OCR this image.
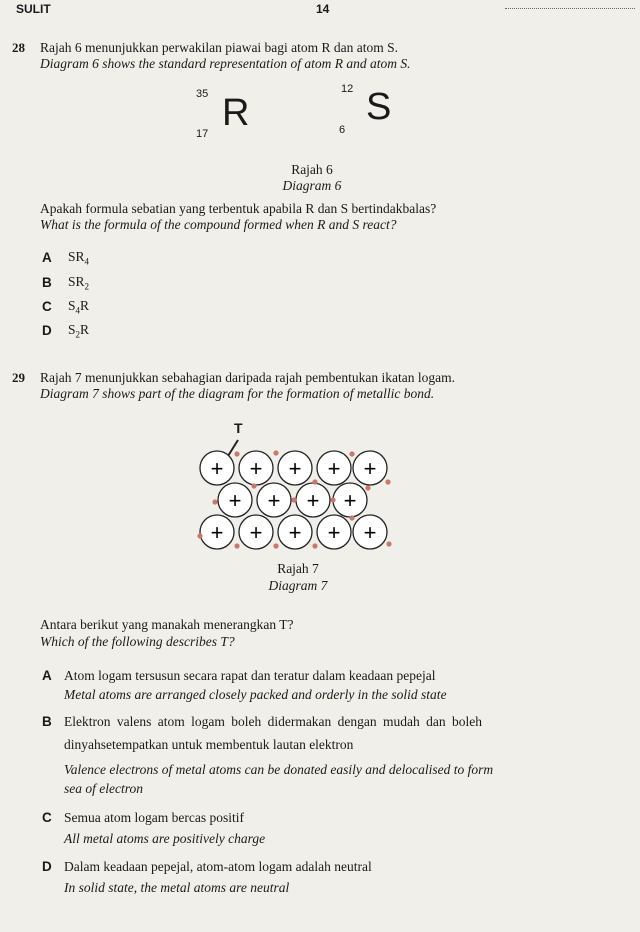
SULIT	14
28 Rajah 6 menunjukkan perwakilan piawai bagi atom R dan atom S.
Diagram 6 shows the standard representation of atom R and atom S.
35 R
17
12 S
6
Rajah 6
Diagram 6
Apakah formula sebatian yang terbentuk apabila R dan S bertindakbalas?
What is the formula of the compound formed when R and S react?
A $SR_4$
B $SR_2$
C $S_4R$
D $S_2R$
29 Rajah 7 menunjukkan sebahagian daripada rajah pembentukan ikatan logam.
Diagram 7 shows part of the diagram for the formation of metallic bond.
T
+ + + + +
+ + + +
+ + + + +
Rajah 7
Diagram 7
Antara berikut yang manakah menerangkan T?
Which of the following describes T?
A Atom logam tersusun secara rapat dan teratur dalam keadaan pepejal
Metal atoms are arranged closely packed and orderly in the solid state
B Elektron valens atom logam boleh didermakan dengan mudah dan boleh
dinyahsetempatkan untuk membentuk lautan elektron
Valence electrons of metal atoms can be donated easily and delocalised to form
sea of electron
C Semua atom logam bercas positif
All metal atoms are positively charge
D Dalam keadaan pepejal, atom-atom logam adalah neutral
In solid state, the metal atoms are neutral
